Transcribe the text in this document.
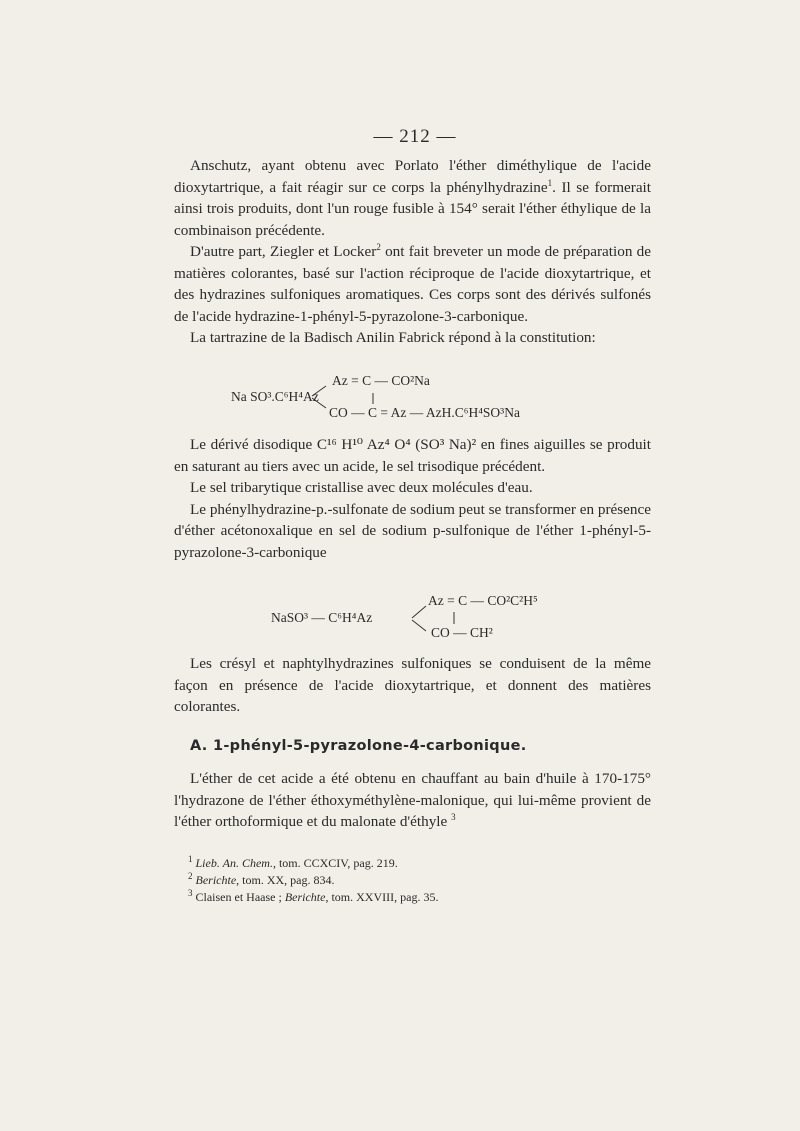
— 212 —

Anschutz, ayant obtenu avec Porlato l'éther diméthylique de l'acide dioxytartrique, a fait réagir sur ce corps la phénylhydrazine$^1$. Il se formerait ainsi trois produits, dont l'un rouge fusible à 154° serait l'éther éthylique de la combinaison précédente.

D'autre part, Ziegler et Locker$^2$ ont fait breveter un mode de préparation de matières colorantes, basé sur l'action réciproque de l'acide dioxytartrique, et des hydrazines sulfoniques aromatiques. Ces corps sont des dérivés sulfonés de l'acide hydrazine-1-phényl-5-pyrazolone-3-carbonique.

La tartrazine de la Badisch Anilin Fabrick répond à la constitution:

Na SO³.C⁶H⁴Az
Az = C — CO²Na
CO — C = Az — AzH.C⁶H⁴SO³Na

Le dérivé disodique C¹⁶ H¹⁰ Az⁴ O⁴ (SO³ Na)² en fines aiguilles se produit en saturant au tiers avec un acide, le sel trisodique précédent.

Le sel tribarytique cristallise avec deux molécules d'eau.

Le phénylhydrazine-p.-sulfonate de sodium peut se transformer en présence d'éther acétonoxalique en sel de sodium p-sulfonique de l'éther 1-phényl-5-pyrazolone-3-carbonique

NaSO³ — C⁶H⁴Az
Az = C — CO²C²H⁵
CO — CH²

Les crésyl et naphtylhydrazines sulfoniques se conduisent de la même façon en présence de l'acide dioxytartrique, et donnent des matières colorantes.

A. 1-phényl-5-pyrazolone-4-carbonique.

L'éther de cet acide a été obtenu en chauffant au bain d'huile à 170-175° l'hydrazone de l'éther éthoxyméthylène-malonique, qui lui-même provient de l'éther orthoformique et du malonate d'éthyle $^3$

$^1$ Lieb. An. Chem., tom. CCXCIV, pag. 219.

$^2$ Berichte, tom. XX, pag. 834.

$^3$ Claisen et Haase ; Berichte, tom. XXVIII, pag. 35.
